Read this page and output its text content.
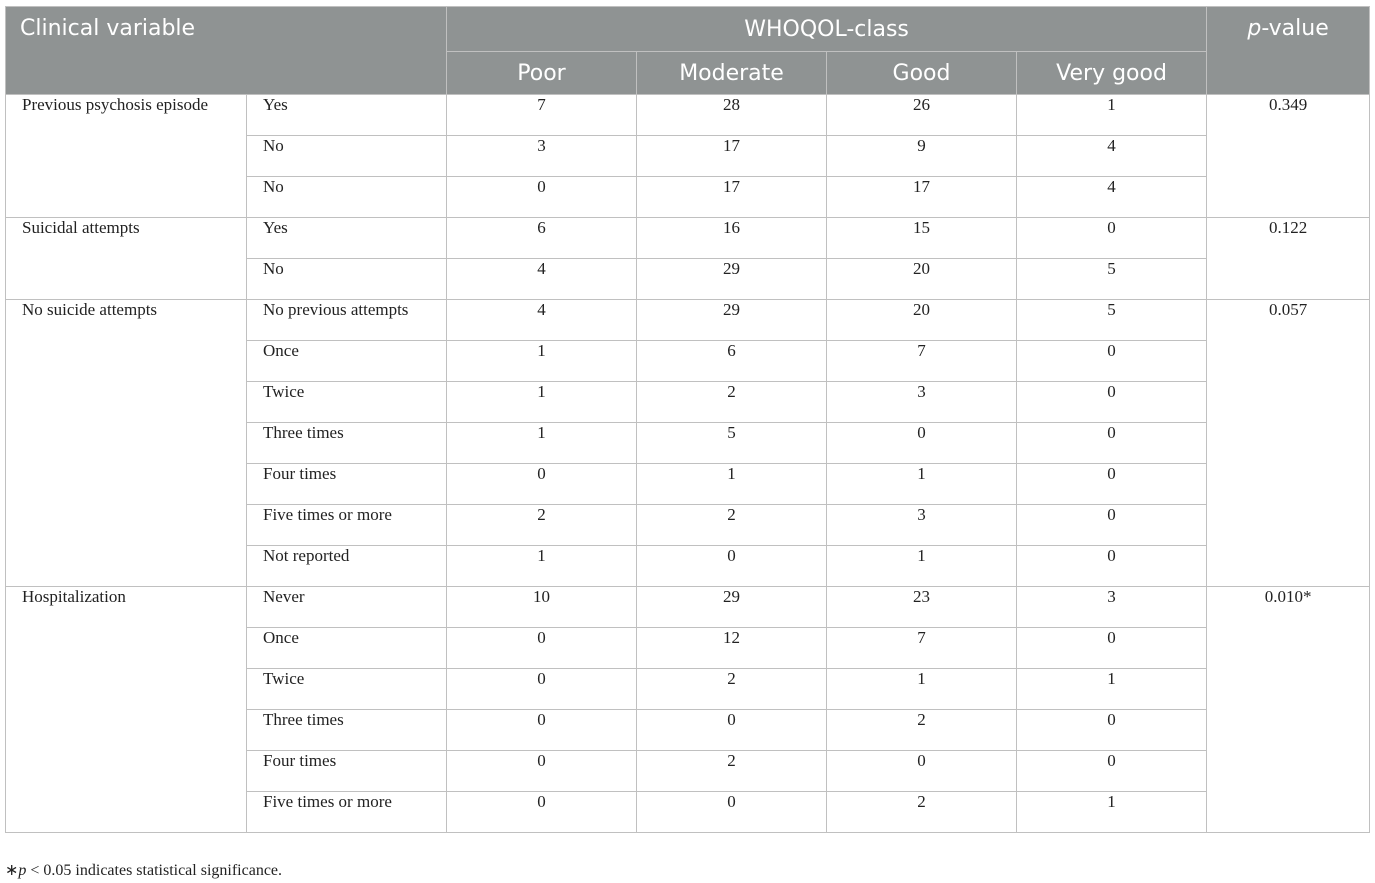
Clinical variable		WHOQOL-class				p-value
		Poor	Moderate	Good	Very good	
Previous psychosis episode	Yes	7	28	26	1	0.349
	No	3	17	9	4	
	No	0	17	17	4	
Suicidal attempts	Yes	6	16	15	0	0.122
	No	4	29	20	5	
No suicide attempts	No previous attempts	4	29	20	5	0.057
	Once	1	6	7	0	
	Twice	1	2	3	0	
	Three times	1	5	0	0	
	Four times	0	1	1	0	
	Five times or more	2	2	3	0	
	Not reported	1	0	1	0	
Hospitalization	Never	10	29	23	3	0.010*
	Once	0	12	7	0	
	Twice	0	2	1	1	
	Three times	0	0	2	0	
	Four times	0	2	0	0	
	Five times or more	0	0	2	1	
∗p < 0.05 indicates statistical significance.
